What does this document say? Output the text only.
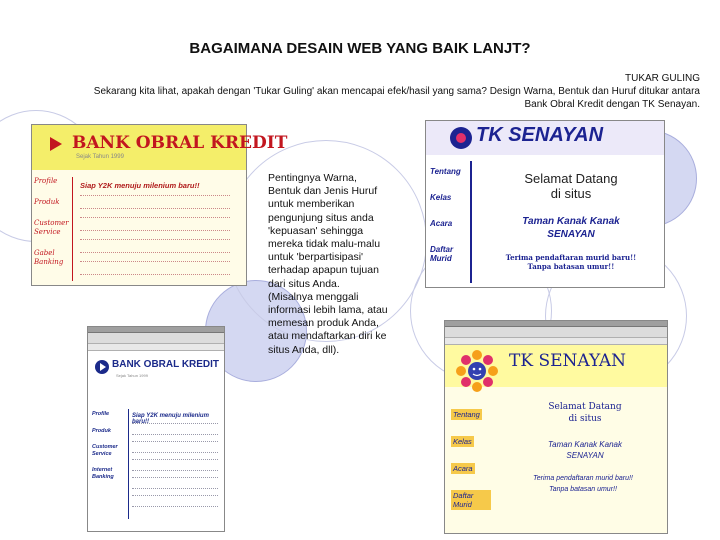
BAGAIMANA DESAIN WEB YANG BAIK LANJT?
TUKAR GULING
Sekarang kita lihat, apakah dengan 'Tukar Guling' akan mencapai efek/hasil yang sama? Design Warna, Bentuk dan Huruf ditukar antara
Bank Obral Kredit dengan TK Senayan.
BANK OBRAL KREDIT
Sejak Tahun 1999
Profile
Produk
Customer Service
Gabel Banking
Siap Y2K menuju milenium baru!!
BANK OBRAL KREDIT
Sejak Tahun 1999
Profile
Produk
Customer Service
Internet Banking
Siap Y2K menuju milenium baru!!
Pentingnya Warna,
Bentuk dan Jenis Huruf
untuk memberikan
pengunjung situs anda
'kepuasan' sehingga
mereka tidak malu-malu
untuk 'berpartisipasi'
terhadap apapun tujuan
dari situs Anda.
(Misalnya menggali
informasi lebih lama, atau
memesan produk Anda,
atau mendaftarkan diri ke
situs Anda, dll).
TK SENAYAN
Tentang
Kelas
Acara
Daftar Murid
Selamat Datang
di situs
Taman Kanak Kanak
SENAYAN
Terima pendaftaran murid baru!!
Tanpa batasan umur!!
TK SENAYAN
Tentang
Kelas
Acara
Daftar Murid
Selamat Datang
di situs
Taman Kanak Kanak
SENAYAN
Terima pendaftaran murid baru!!
Tanpa batasan umur!!
